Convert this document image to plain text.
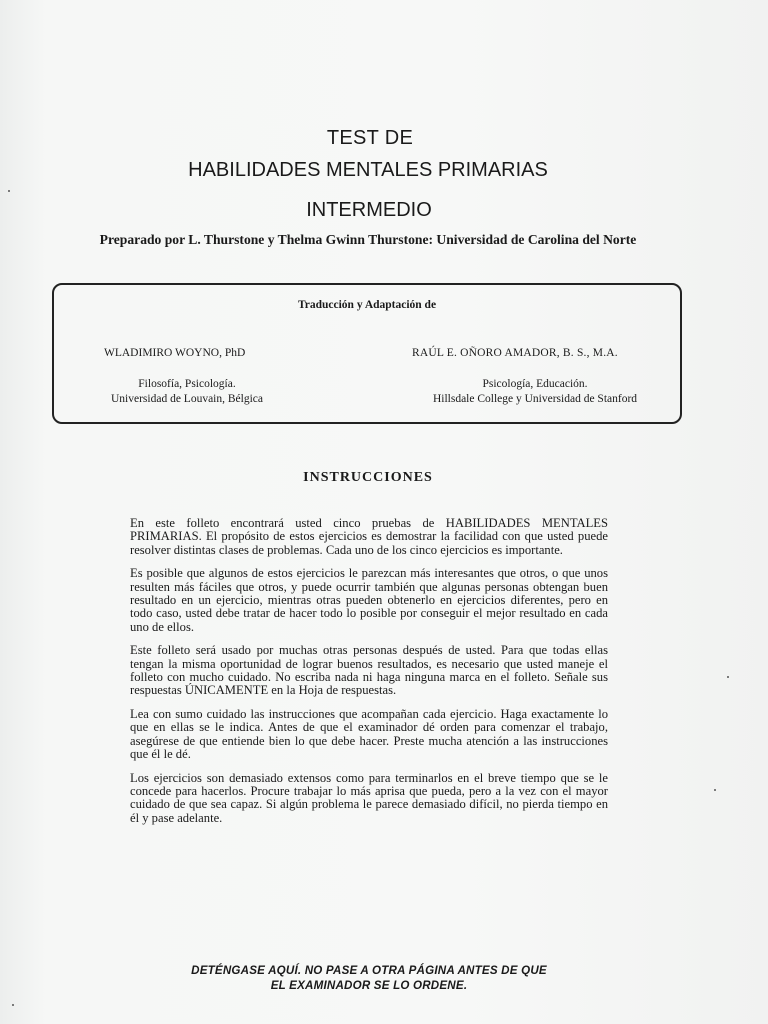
TEST DE
HABILIDADES MENTALES PRIMARIAS
INTERMEDIO
Preparado por L. Thurstone y Thelma Gwinn Thurstone: Universidad de Carolina del Norte
Traducción y Adaptación de
WLADIMIRO WOYNO, PhD	RAÚL E. OÑORO AMADOR, B. S., M.A.
Filosofía, Psicología.
Universidad de Louvain, Bélgica
Psicología, Educación.
Hillsdale College y Universidad de Stanford
INSTRUCCIONES

En este folleto encontrará usted cinco pruebas de HABILIDADES MENTALES PRIMARIAS. El propósito de estos ejercicios es demostrar la facilidad con que usted puede resolver distintas clases de problemas. Cada uno de los cinco ejercicios es importante.

Es posible que algunos de estos ejercicios le parezcan más interesantes que otros, o que unos resulten más fáciles que otros, y puede ocurrir también que algunas personas obtengan buen resultado en un ejercicio, mientras otras pueden obtenerlo en ejercicios diferentes, pero en todo caso, usted debe tratar de hacer todo lo posible por conseguir el mejor resultado en cada uno de ellos.

Este folleto será usado por muchas otras personas después de usted. Para que todas ellas tengan la misma oportunidad de lograr buenos resultados, es necesario que usted maneje el folleto con mucho cuidado. No escriba nada ni haga ninguna marca en el folleto. Señale sus respuestas ÚNICAMENTE en la Hoja de respuestas.

Lea con sumo cuidado las instrucciones que acompañan cada ejercicio. Haga exactamente lo que en ellas se le indica. Antes de que el examinador dé orden para comenzar el trabajo, asegúrese de que entiende bien lo que debe hacer. Preste mucha atención a las instrucciones que él le dé.

Los ejercicios son demasiado extensos como para terminarlos en el breve tiempo que se le concede para hacerlos. Procure trabajar lo más aprisa que pueda, pero a la vez con el mayor cuidado de que sea capaz. Si algún problema le parece demasiado difícil, no pierda tiempo en él y pase adelante.

DETÉNGASE AQUÍ. NO PASE A OTRA PÁGINA ANTES DE QUE
EL EXAMINADOR SE LO ORDENE.
